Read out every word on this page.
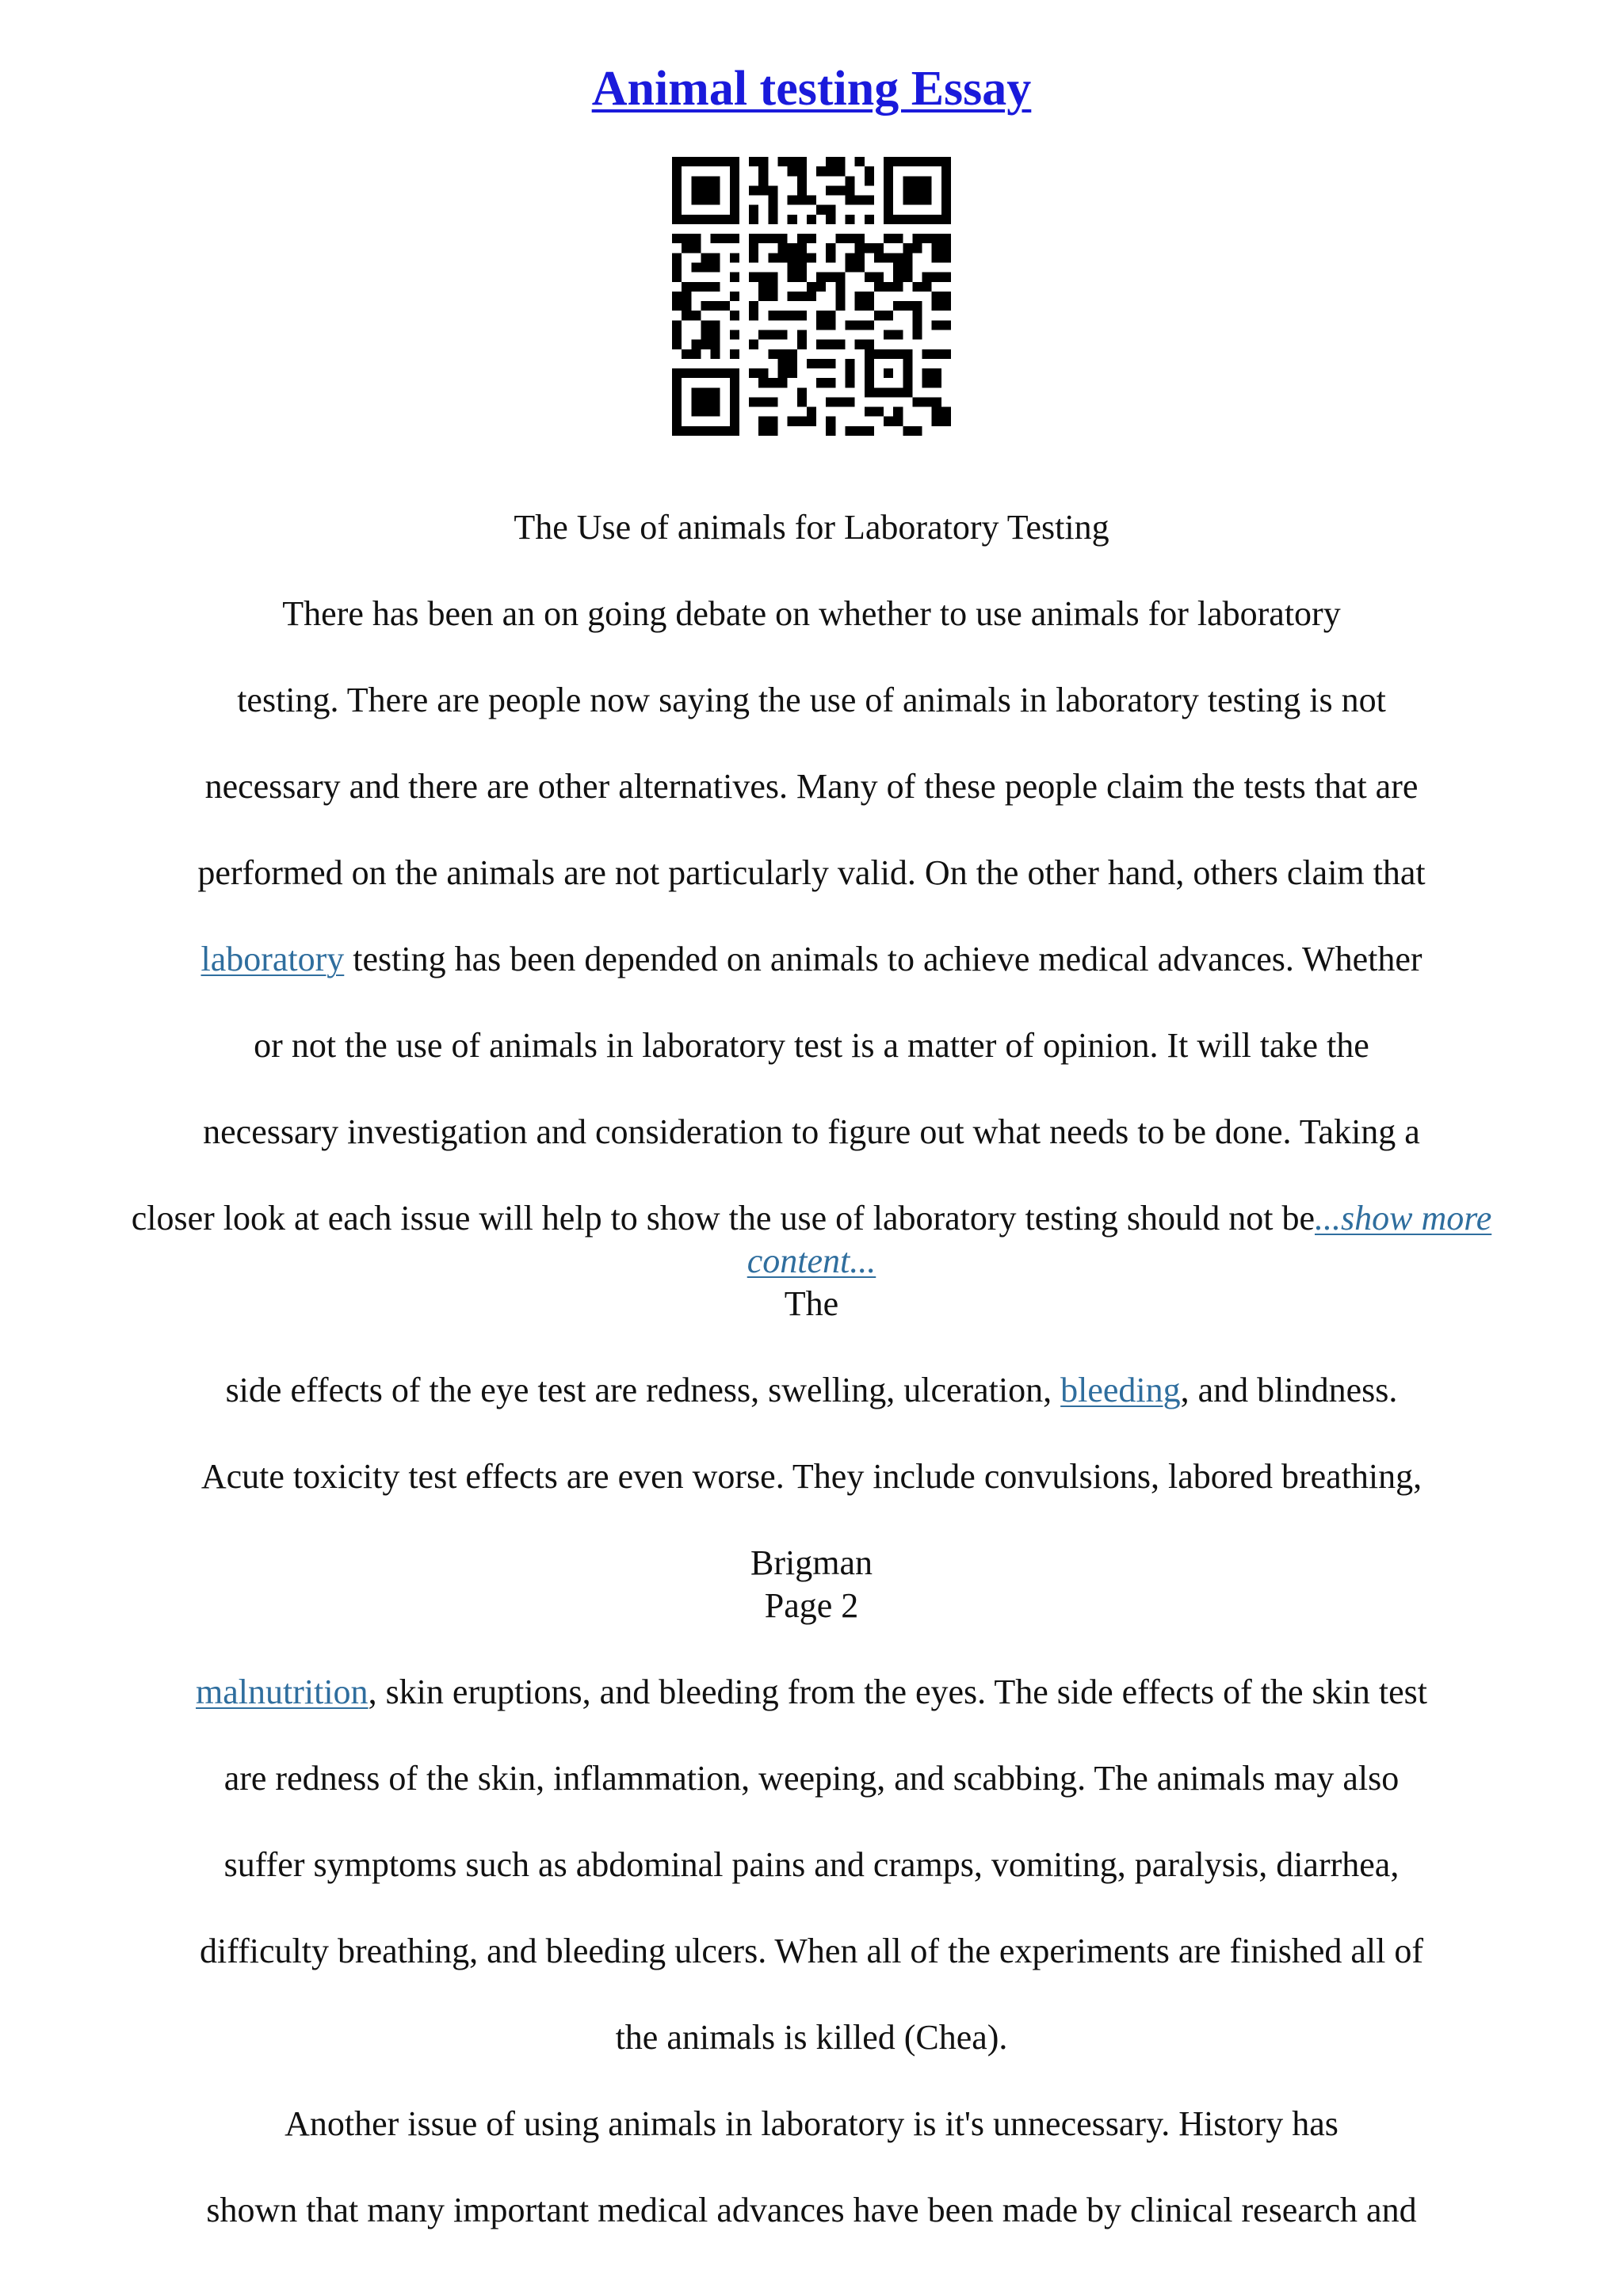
Animal testing Essay
The Use of animals for Laboratory Testing
There has been an on going debate on whether to use animals for laboratory
testing. There are people now saying the use of animals in laboratory testing is not
necessary and there are other alternatives. Many of these people claim the tests that are
performed on the animals are not particularly valid. On the other hand, others claim that
laboratory testing has been depended on animals to achieve medical advances. Whether
or not the use of animals in laboratory test is a matter of opinion. It will take the
necessary investigation and consideration to figure out what needs to be done. Taking a
closer look at each issue will help to show the use of laboratory testing should not be...show more
content...
The
side effects of the eye test are redness, swelling, ulceration, bleeding, and blindness.
Acute toxicity test effects are even worse. They include convulsions, labored breathing,
Brigman
Page 2
malnutrition, skin eruptions, and bleeding from the eyes. The side effects of the skin test
are redness of the skin, inflammation, weeping, and scabbing. The animals may also
suffer symptoms such as abdominal pains and cramps, vomiting, paralysis, diarrhea,
difficulty breathing, and bleeding ulcers. When all of the experiments are finished all of
the animals is killed (Chea).
Another issue of using animals in laboratory is it's unnecessary. History has
shown that many important medical advances have been made by clinical research and
